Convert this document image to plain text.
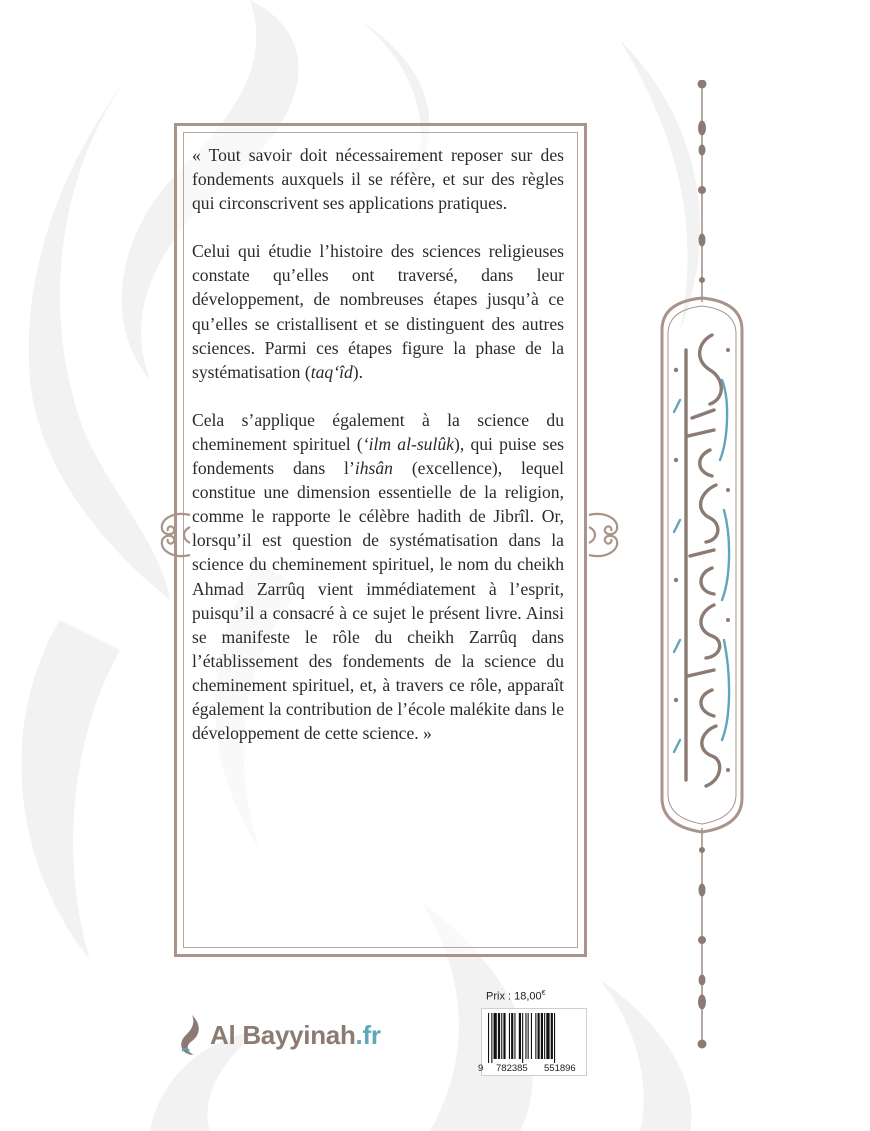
« Tout savoir doit nécessairement reposer sur des fondements auxquels il se réfère, et sur des règles qui circonscrivent ses applications pratiques.

Celui qui étudie l’histoire des sciences religieuses constate qu’elles ont traversé, dans leur développement, de nombreuses étapes jusqu’à ce qu’elles se cristallisent et se distinguent des autres sciences. Parmi ces étapes figure la phase de la systématisation (taq‘îd).

Cela s’applique également à la science du cheminement spirituel (‘ilm al-sulûk), qui puise ses fondements dans l’ihsân (excellence), lequel constitue une dimension essentielle de la religion, comme le rapporte le célèbre hadith de Jibrîl. Or, lorsqu’il est question de systématisation dans la science du cheminement spirituel, le nom du cheikh Ahmad Zarrûq vient immédiatement à l’esprit, puisqu’il a consacré à ce sujet le présent livre. Ainsi se manifeste le rôle du cheikh Zarrûq dans l’établissement des fondements de la science du cheminement spirituel, et, à travers ce rôle, apparaît également la contribution de l’école malékite dans le développement de cette science. »

Al Bayyinah.fr
Prix : 18,00€
9 782385 551896
